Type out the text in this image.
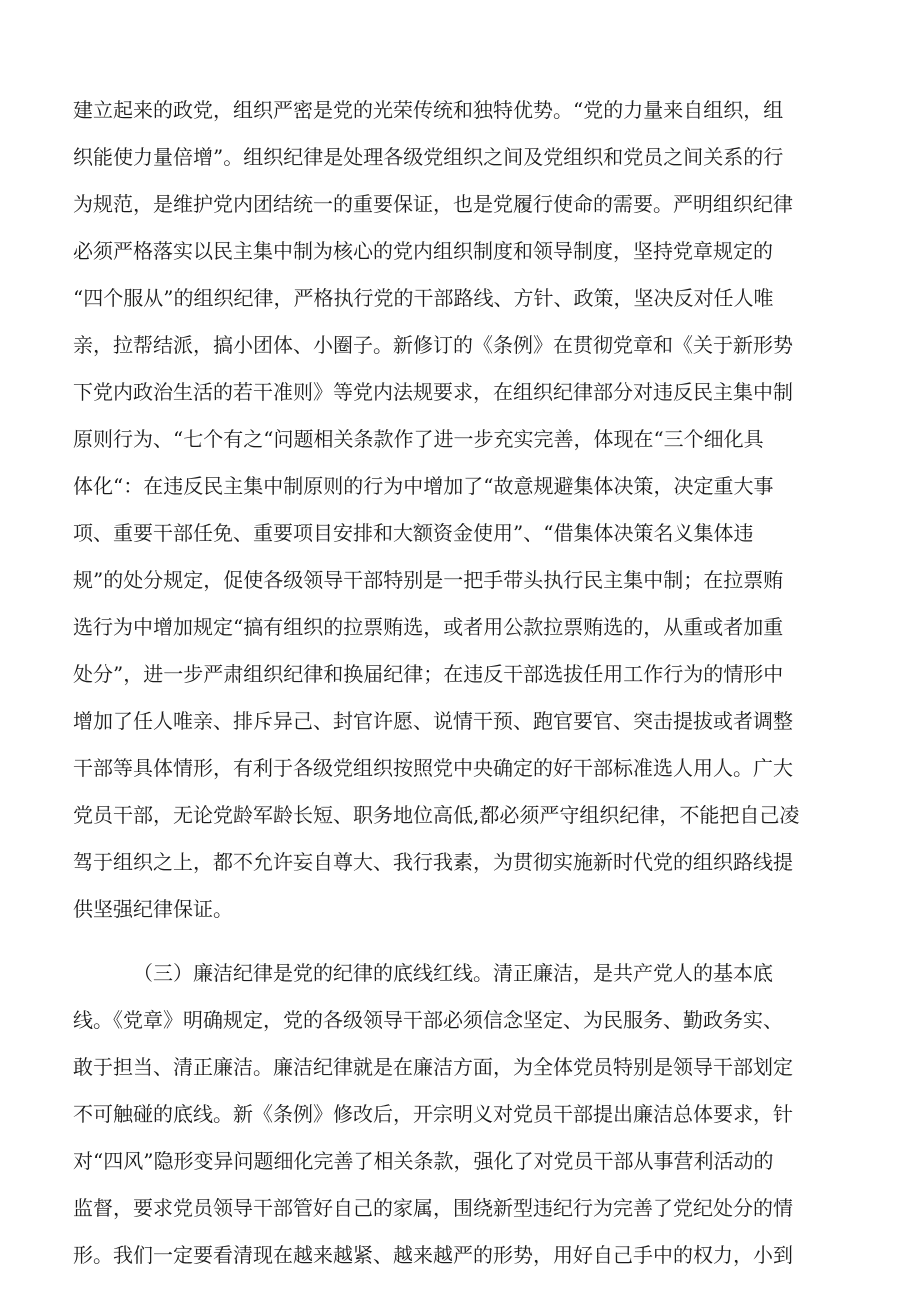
建立起来的政党，组织严密是党的光荣传统和独特优势。“党的力量来自组织，组
织能使力量倍增”。组织纪律是处理各级党组织之间及党组织和党员之间关系的行
为规范，是维护党内团结统一的重要保证，也是党履行使命的需要。严明组织纪律
必须严格落实以民主集中制为核心的党内组织制度和领导制度，坚持党章规定的
“四个服从”的组织纪律，严格执行党的干部路线、方针、政策，坚决反对任人唯
亲，拉帮结派，搞小团体、小圈子。新修订的《条例》在贯彻党章和《关于新形势
下党内政治生活的若干准则》等党内法规要求，在组织纪律部分对违反民主集中制
原则行为、“七个有之“问题相关条款作了进一步充实完善，体现在“三个细化具
体化“：在违反民主集中制原则的行为中增加了“故意规避集体决策，决定重大事
项、重要干部任免、重要项目安排和大额资金使用”、“借集体决策名义集体违
规”的处分规定，促使各级领导干部特别是一把手带头执行民主集中制；在拉票贿
选行为中增加规定“搞有组织的拉票贿选，或者用公款拉票贿选的，从重或者加重
处分”，进一步严肃组织纪律和换届纪律；在违反干部选拔任用工作行为的情形中
增加了任人唯亲、排斥异己、封官许愿、说情干预、跑官要官、突击提拔或者调整
干部等具体情形，有利于各级党组织按照党中央确定的好干部标准选人用人。广大
党员干部，无论党龄军龄长短、职务地位高低,都必须严守组织纪律，不能把自己凌
驾于组织之上，都不允许妄自尊大、我行我素，为贯彻实施新时代党的组织路线提
供坚强纪律保证。
（三）廉洁纪律是党的纪律的底线红线。清正廉洁，是共产党人的基本底
线。《党章》明确规定，党的各级领导干部必须信念坚定、为民服务、勤政务实、
敢于担当、清正廉洁。廉洁纪律就是在廉洁方面，为全体党员特别是领导干部划定
不可触碰的底线。新《条例》修改后，开宗明义对党员干部提出廉洁总体要求，针
对“四风”隐形变异问题细化完善了相关条款，强化了对党员干部从事营利活动的
监督，要求党员领导干部管好自己的家属，围绕新型违纪行为完善了党纪处分的情
形。我们一定要看清现在越来越紧、越来越严的形势，用好自己手中的权力，小到
